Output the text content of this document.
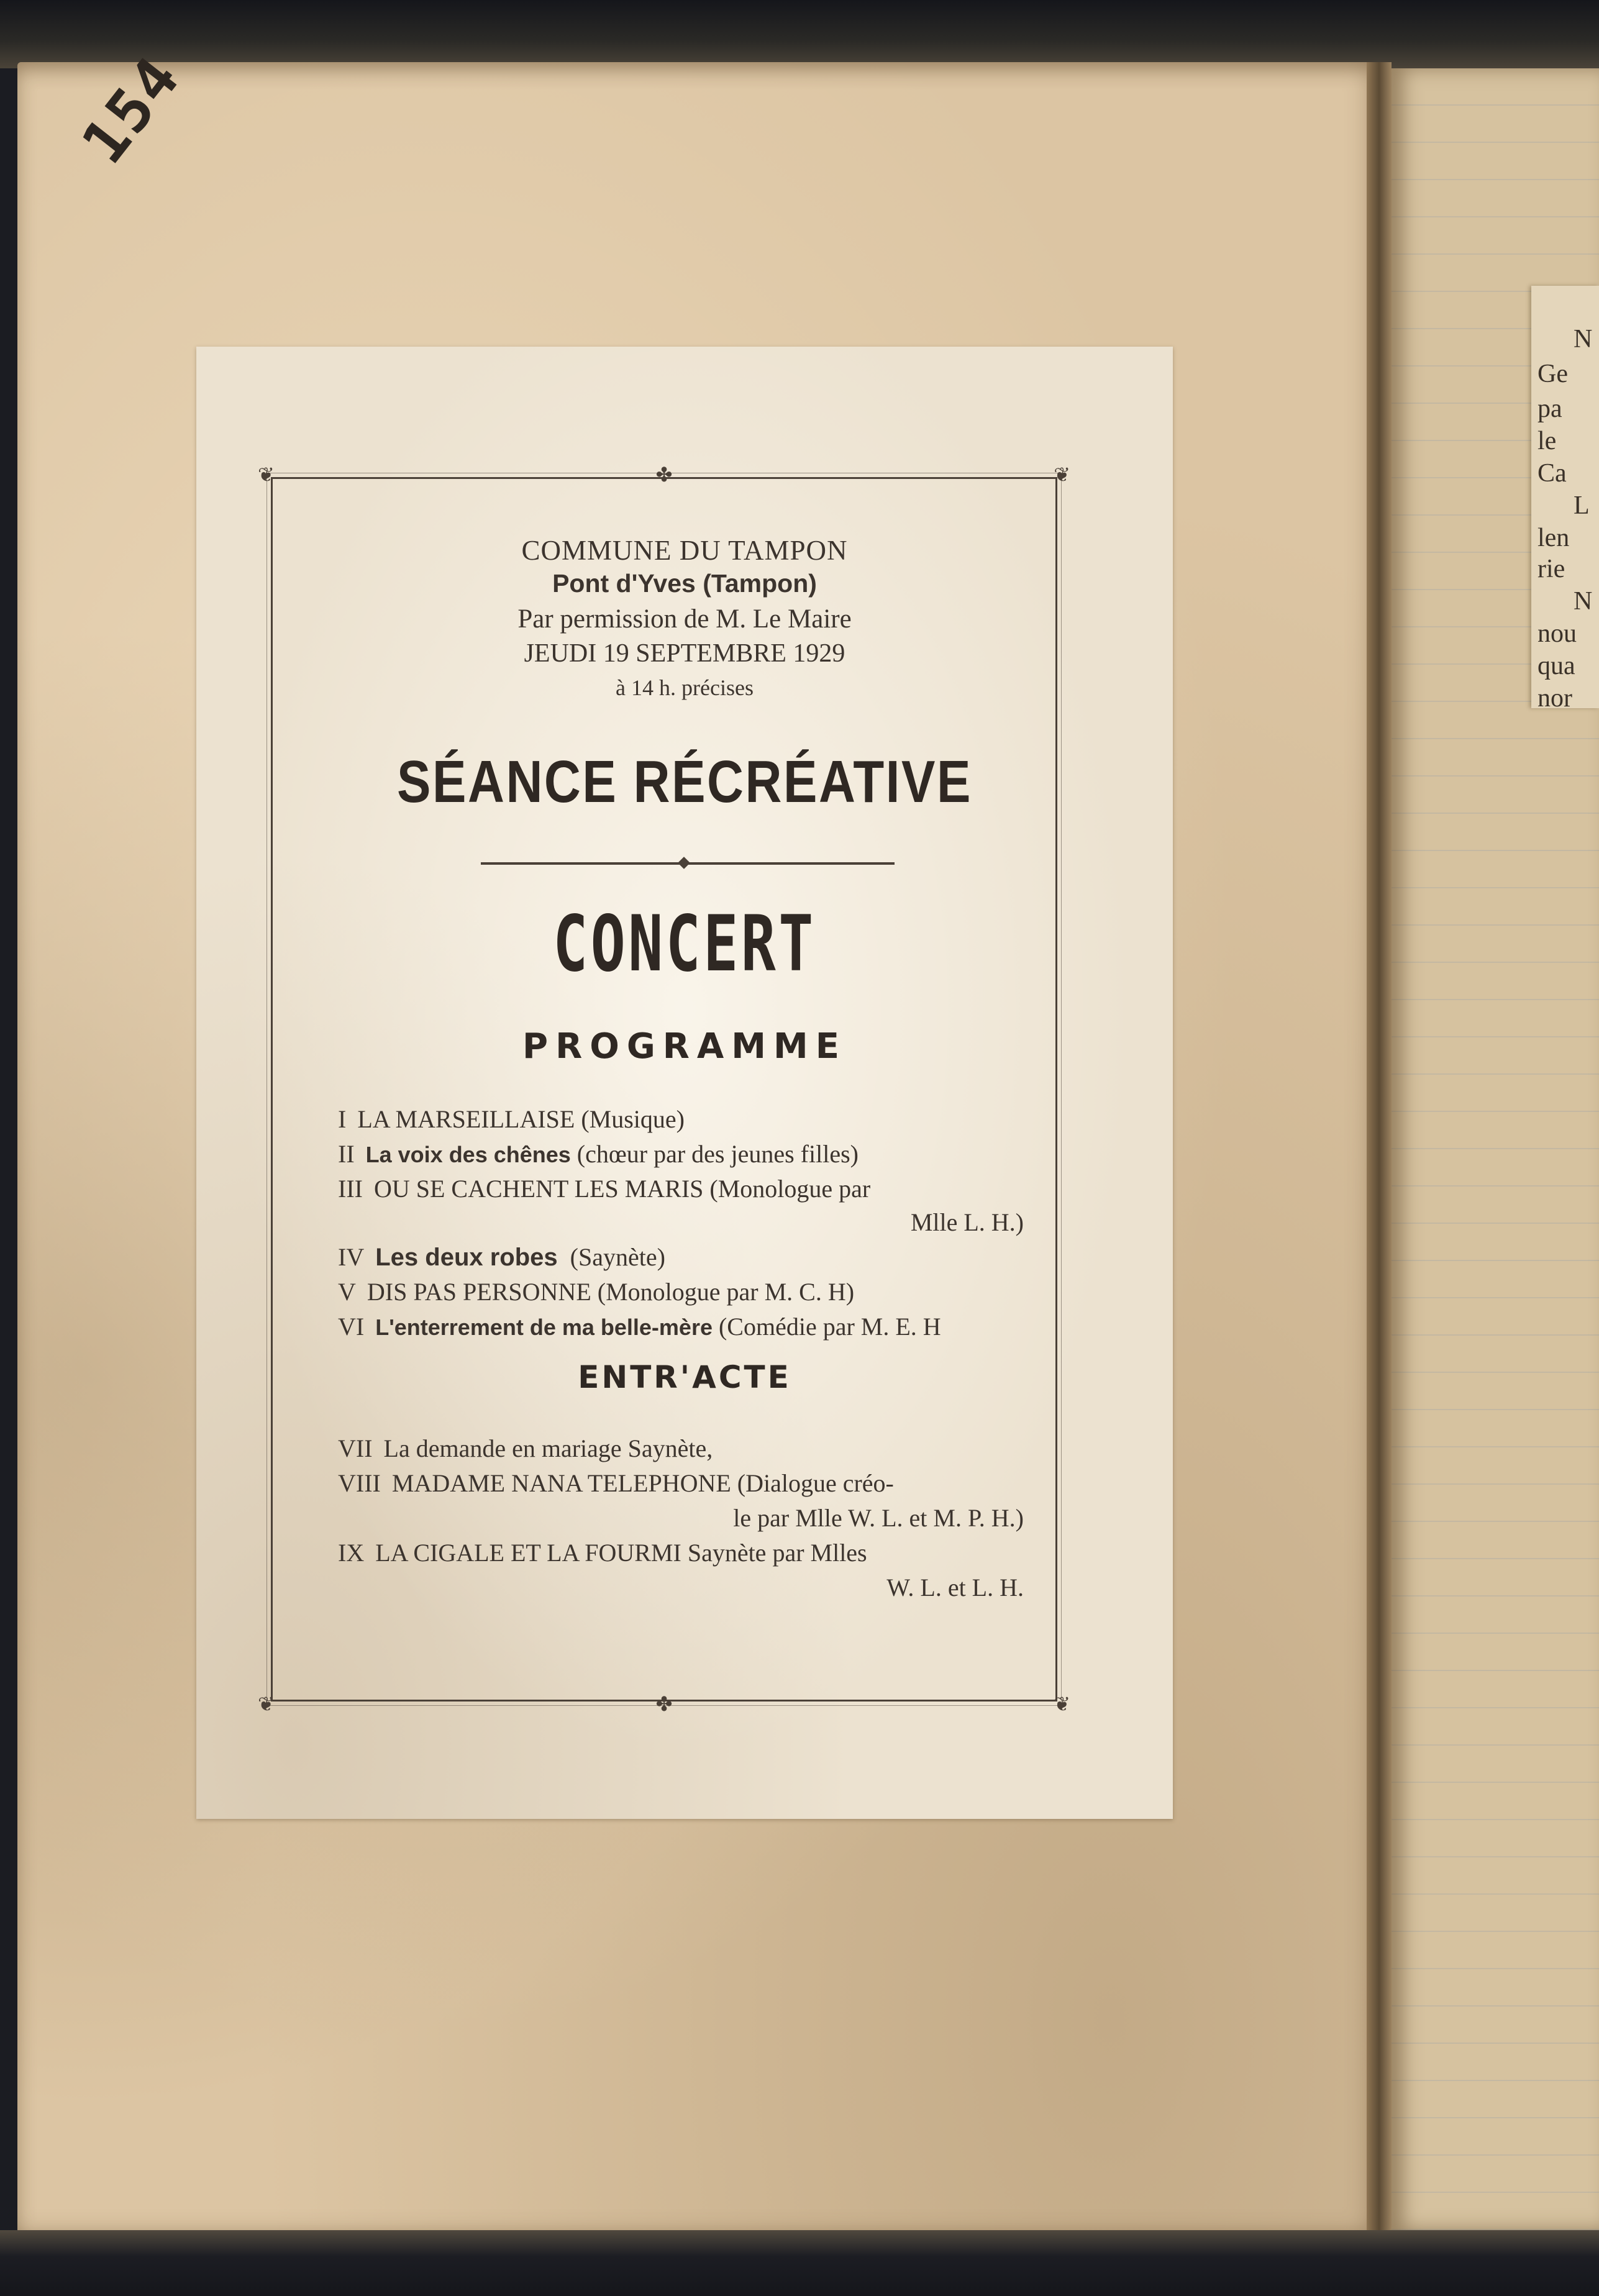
N
Ge
pa
le
Ca
L
len
rie
N
nou
qua
nor
154
❦	✤	❦
❦	✤	❦
COMMUNE DU TAMPON
Pont d'Yves (Tampon)
Par permission de M. Le Maire
JEUDI 19 SEPTEMBRE 1929
à 14 h. précises
SÉANCE RÉCRÉATIVE
CONCERT
PROGRAMME
I LA MARSEILLAISE (Musique)
II La voix des chênes (chœur par des jeunes filles)
III OU SE CACHENT LES MARIS (Monologue par
Mlle L. H.)
IV Les deux robes (Saynète)
V DIS PAS PERSONNE (Monologue par M. C. H)
VI L'enterrement de ma belle-mère (Comédie par M. E. H
ENTR'ACTE
VII La demande en mariage Saynète,
VIII MADAME NANA TELEPHONE (Dialogue créo-
le par Mlle W. L. et M. P. H.)
IX LA CIGALE ET LA FOURMI Saynète par Mlles
W. L. et L. H.
